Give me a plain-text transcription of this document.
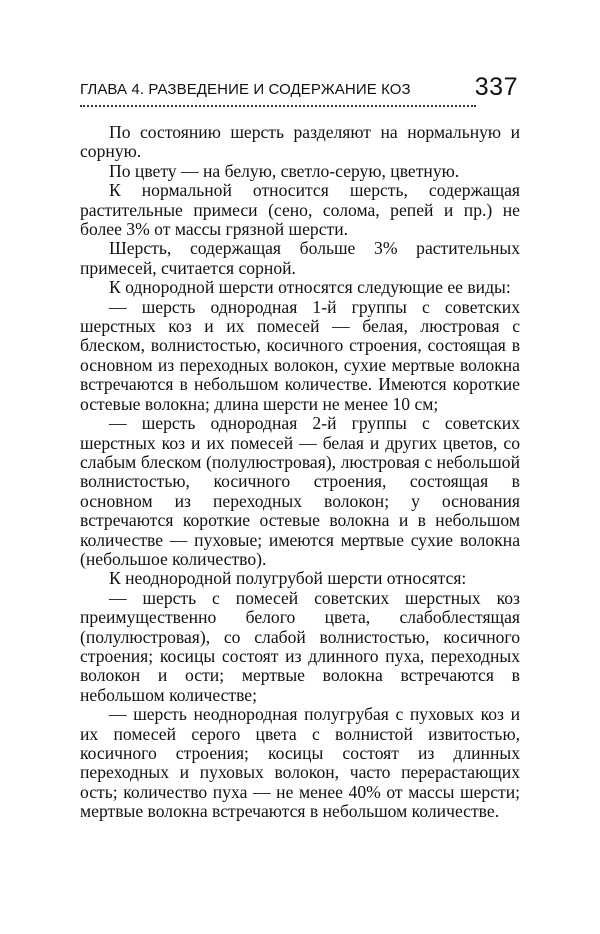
ГЛАВА 4. РАЗВЕДЕНИЕ И СОДЕРЖАНИЕ КОЗ	337

По состоянию шерсть разделяют на нормальную и сорную.

По цвету — на белую, светло-серую, цветную.

К нормальной относится шерсть, содержащая растительные примеси (сено, солома, репей и пр.) не более 3% от массы грязной шерсти.

Шерсть, содержащая больше 3% растительных примесей, считается сорной.

К однородной шерсти относятся следующие ее виды:

— шерсть однородная 1-й группы с советских шерстных коз и их помесей — белая, люстровая с блеском, волнистостью, косичного строения, состоящая в основном из переходных волокон, сухие мертвые волокна встречаются в небольшом количестве. Имеются короткие остевые волокна; длина шерсти не менее 10 см;

— шерсть однородная 2-й группы с советских шерстных коз и их помесей — белая и других цветов, со слабым блеском (полулюстровая), люстровая с небольшой волнистостью, косичного строения, состоящая в основном из переходных волокон; у основания встречаются короткие остевые волокна и в небольшом количестве — пуховые; имеются мертвые сухие волокна (небольшое количество).

К неоднородной полугрубой шерсти относятся:

— шерсть с помесей советских шерстных коз преимущественно белого цвета, слабоблестящая (полулюстровая), со слабой волнистостью, косичного строения; косицы состоят из длинного пуха, переходных волокон и ости; мертвые волокна встречаются в небольшом количестве;

— шерсть неоднородная полугрубая с пуховых коз и их помесей серого цвета с волнистой извитостью, косичного строения; косицы состоят из длинных переходных и пуховых волокон, часто перерастающих ость; количество пуха — не менее 40% от массы шерсти; мертвые волокна встречаются в небольшом количестве.
